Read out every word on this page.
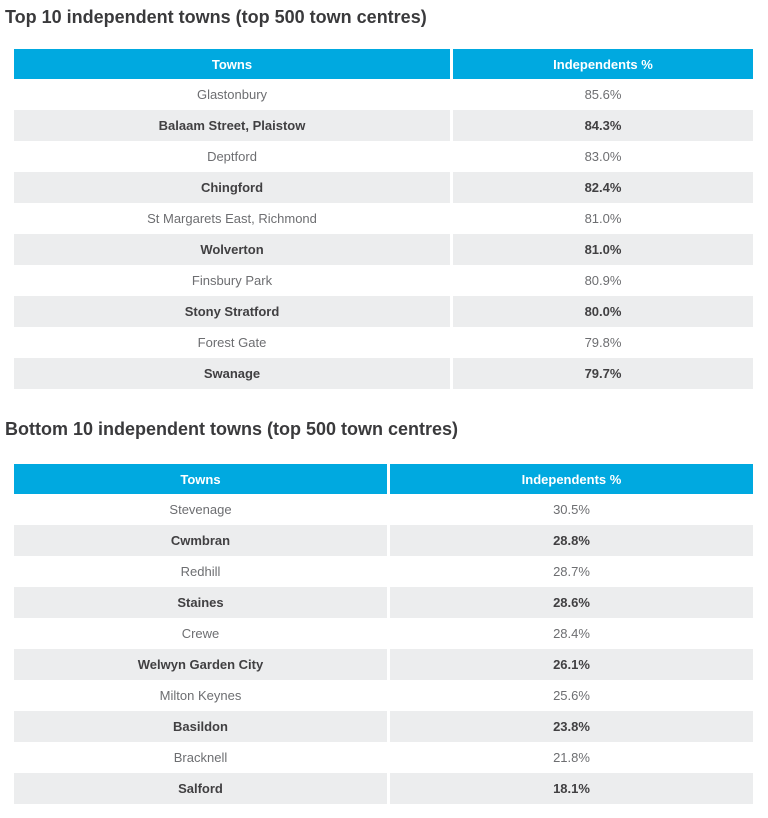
Top 10 independent towns (top 500 town centres)
Towns	Independents %
Glastonbury	85.6%
Balaam Street, Plaistow	84.3%
Deptford	83.0%
Chingford	82.4%
St Margarets East, Richmond	81.0%
Wolverton	81.0%
Finsbury Park	80.9%
Stony Stratford	80.0%
Forest Gate	79.8%
Swanage	79.7%
Bottom 10 independent towns (top 500 town centres)
Towns	Independents %
Stevenage	30.5%
Cwmbran	28.8%
Redhill	28.7%
Staines	28.6%
Crewe	28.4%
Welwyn Garden City	26.1%
Milton Keynes	25.6%
Basildon	23.8%
Bracknell	21.8%
Salford	18.1%
